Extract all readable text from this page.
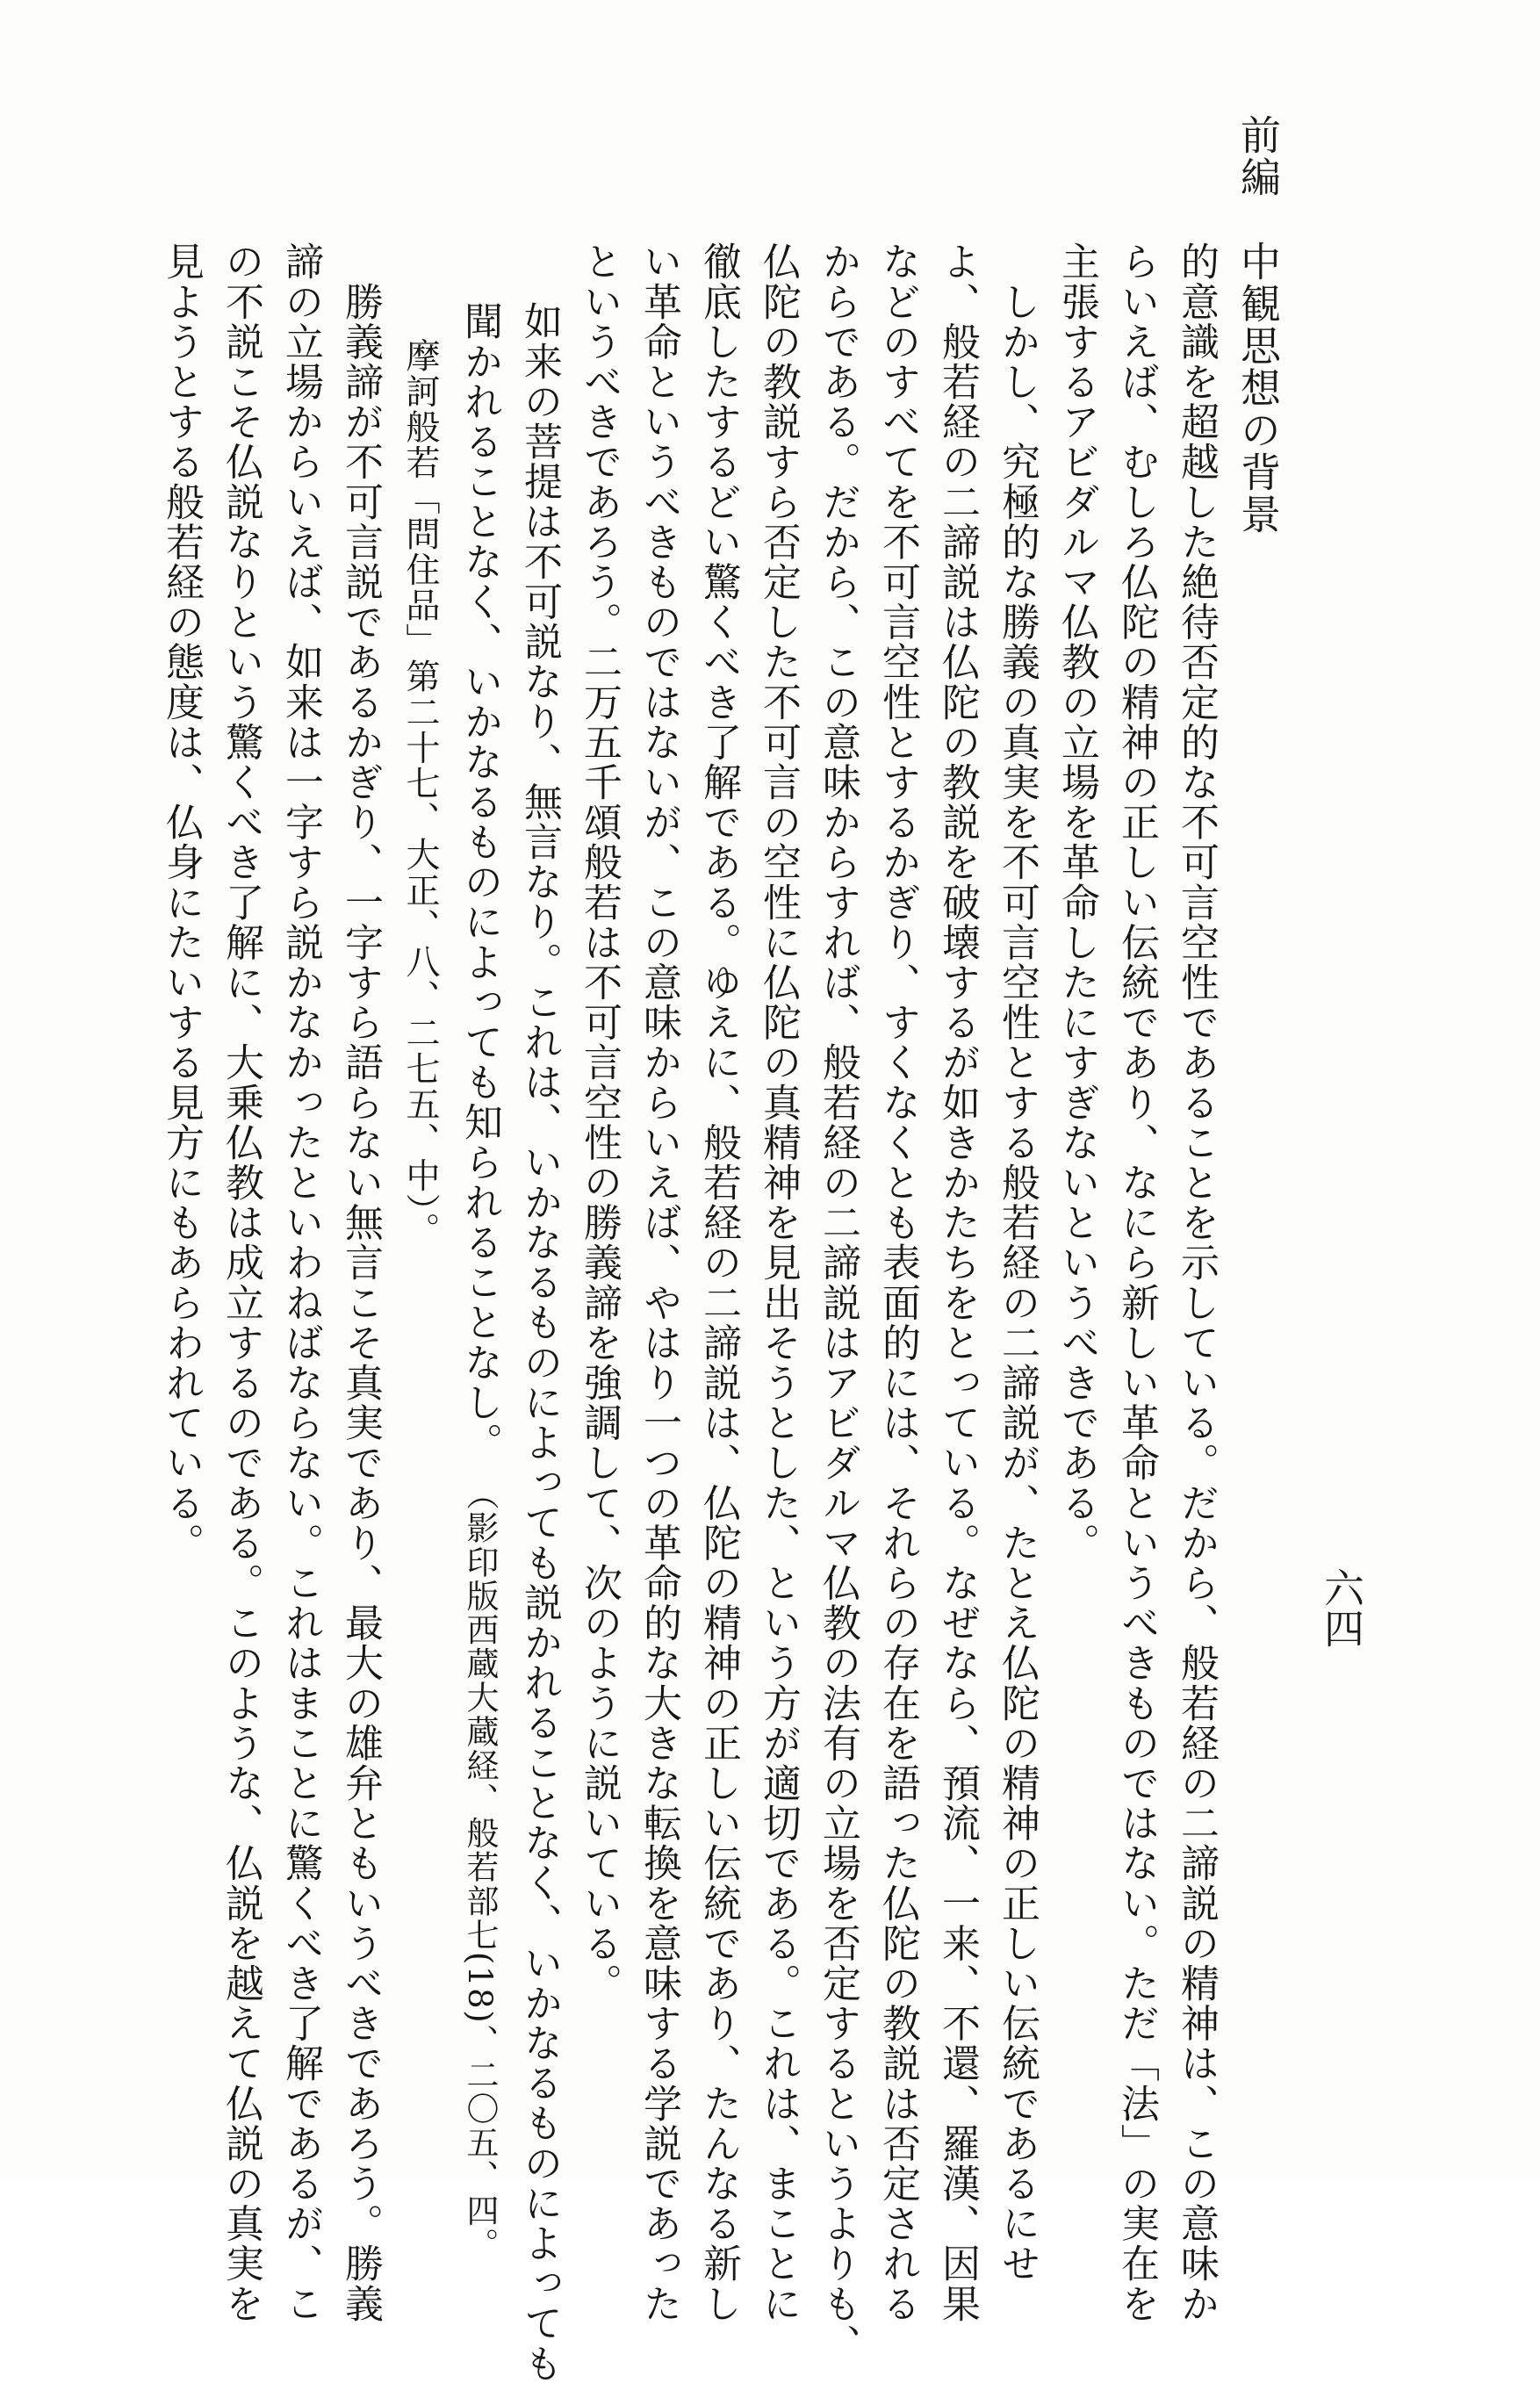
前編　中観思想の背景
六四
的意識を超越した絶待否定的な不可言空性であることを示している。だから、般若経の二諦説の精神は、この意味か
らいえば、むしろ仏陀の精神の正しい伝統であり、なにら新しい革命というべきものではない。ただ「法」の実在を
主張するアビダルマ仏教の立場を革命したにすぎないというべきである。
　しかし、究極的な勝義の真実を不可言空性とする般若経の二諦説が、たとえ仏陀の精神の正しい伝統であるにせ
よ、般若経の二諦説は仏陀の教説を破壊するが如きかたちをとっている。なぜなら、預流、一来、不還、羅漢、因果
などのすべてを不可言空性とするかぎり、すくなくとも表面的には、それらの存在を語った仏陀の教説は否定される
からである。だから、この意味からすれば、般若経の二諦説はアビダルマ仏教の法有の立場を否定するというよりも、
仏陀の教説すら否定した不可言の空性に仏陀の真精神を見出そうとした、という方が適切である。これは、まことに
徹底したするどい驚くべき了解である。ゆえに、般若経の二諦説は、仏陀の精神の正しい伝統であり、たんなる新し
い革命というべきものではないが、この意味からいえば、やはり一つの革命的な大きな転換を意味する学説であった
というべきであろう。二万五千頌般若は不可言空性の勝義諦を強調して、次のように説いている。
如来の菩提は不可説なり、無言なり。これは、いかなるものによっても説かれることなく、いかなるものによっても
聞かれることなく、いかなるものによっても知られることなし。（影印版西蔵大蔵経、般若部七(18)、二〇五、四。
摩訶般若「問住品」第二十七、大正、八、二七五、中）。
　勝義諦が不可言説であるかぎり、一字すら語らない無言こそ真実であり、最大の雄弁ともいうべきであろう。勝義
諦の立場からいえば、如来は一字すら説かなかったといわねばならない。これはまことに驚くべき了解であるが、こ
の不説こそ仏説なりという驚くべき了解に、大乗仏教は成立するのである。このような、仏説を越えて仏説の真実を
見ようとする般若経の態度は、仏身にたいする見方にもあらわれている。
